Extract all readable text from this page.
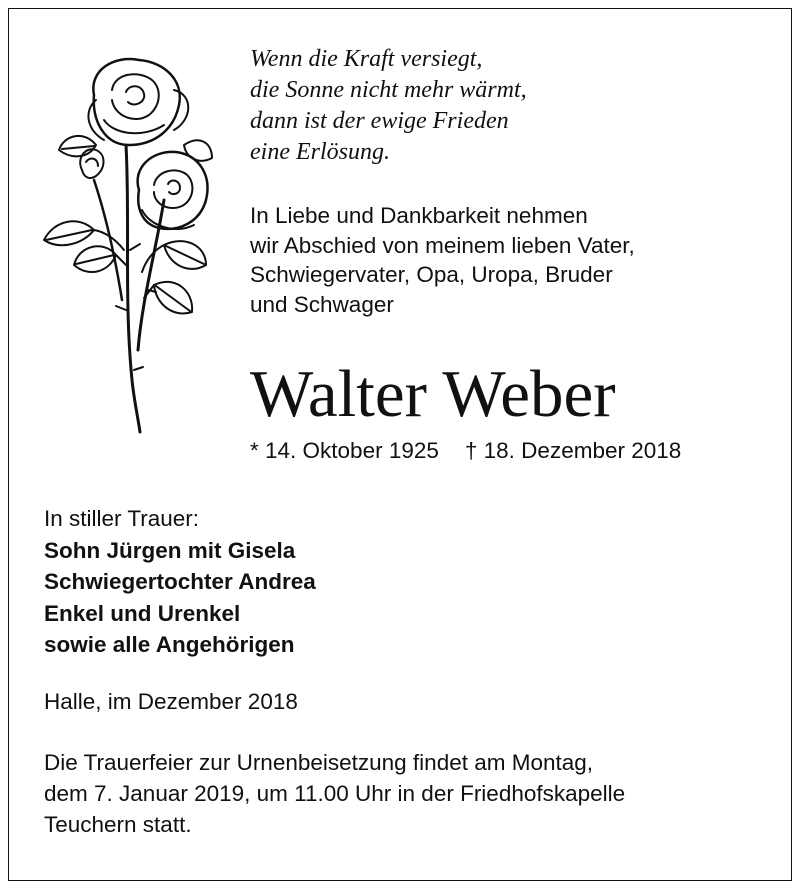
Wenn die Kraft versiegt,
die Sonne nicht mehr wärmt,
dann ist der ewige Frieden
eine Erlösung.
In Liebe und Dankbarkeit nehmen
wir Abschied von meinem lieben Vater,
Schwiegervater, Opa, Uropa, Bruder
und Schwager
Walter Weber
* 14. Oktober 1925 † 18. Dezember 2018
In stiller Trauer:
Sohn Jürgen mit Gisela
Schwiegertochter Andrea
Enkel und Urenkel
sowie alle Angehörigen
Halle, im Dezember 2018
Die Trauerfeier zur Urnenbeisetzung findet am Montag,
dem 7. Januar 2019, um 11.00 Uhr in der Friedhofskapelle
Teuchern statt.
